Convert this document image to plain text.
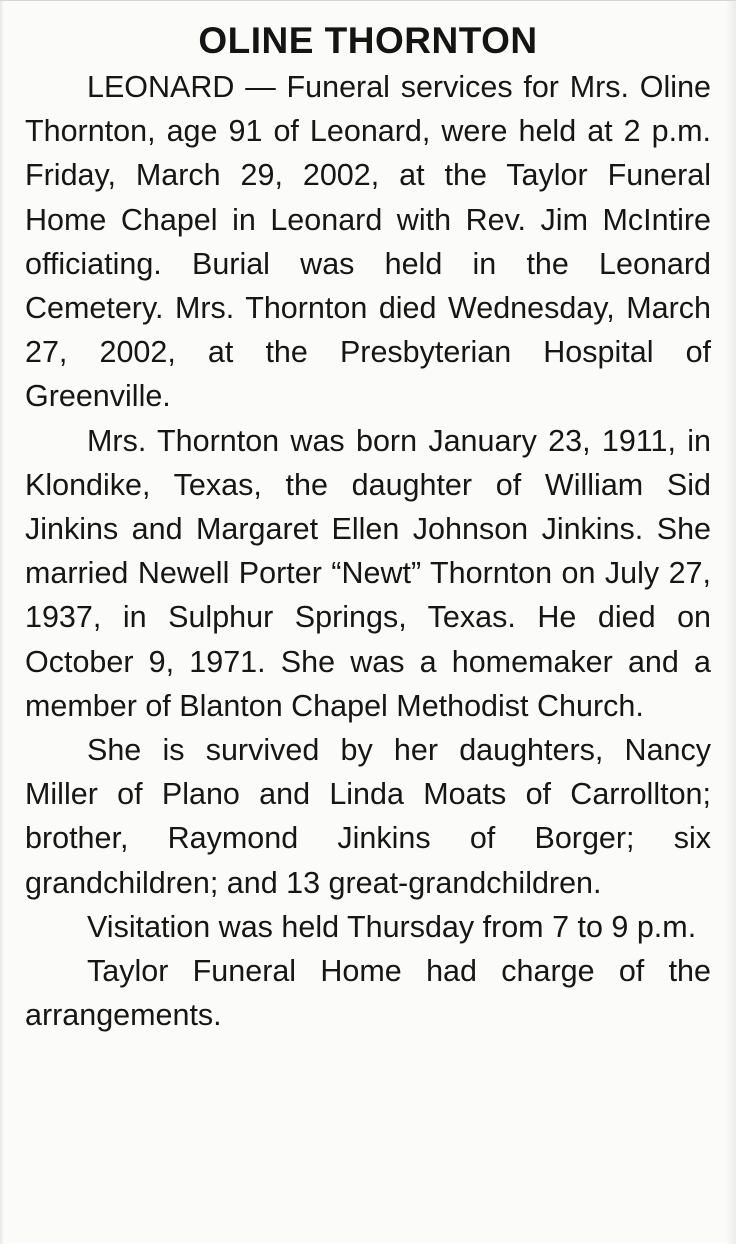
OLINE THORNTON

LEONARD — Funeral services for Mrs. Oline Thornton, age 91 of Leonard, were held at 2 p.m. Friday, March 29, 2002, at the Taylor Funeral Home Chapel in Leonard with Rev. Jim McIntire officiating. Burial was held in the Leonard Cemetery. Mrs. Thornton died Wednesday, March 27, 2002, at the Presbyterian Hospital of Greenville.

Mrs. Thornton was born January 23, 1911, in Klondike, Texas, the daughter of William Sid Jinkins and Margaret Ellen Johnson Jinkins. She married Newell Porter “Newt” Thornton on July 27, 1937, in Sulphur Springs, Texas. He died on October 9, 1971. She was a homemaker and a member of Blanton Chapel Methodist Church.

She is survived by her daughters, Nancy Miller of Plano and Linda Moats of Carrollton; brother, Raymond Jinkins of Borger; six grandchildren; and 13 great-grandchildren.

Visitation was held Thursday from 7 to 9 p.m.

Taylor Funeral Home had charge of the arrangements.
